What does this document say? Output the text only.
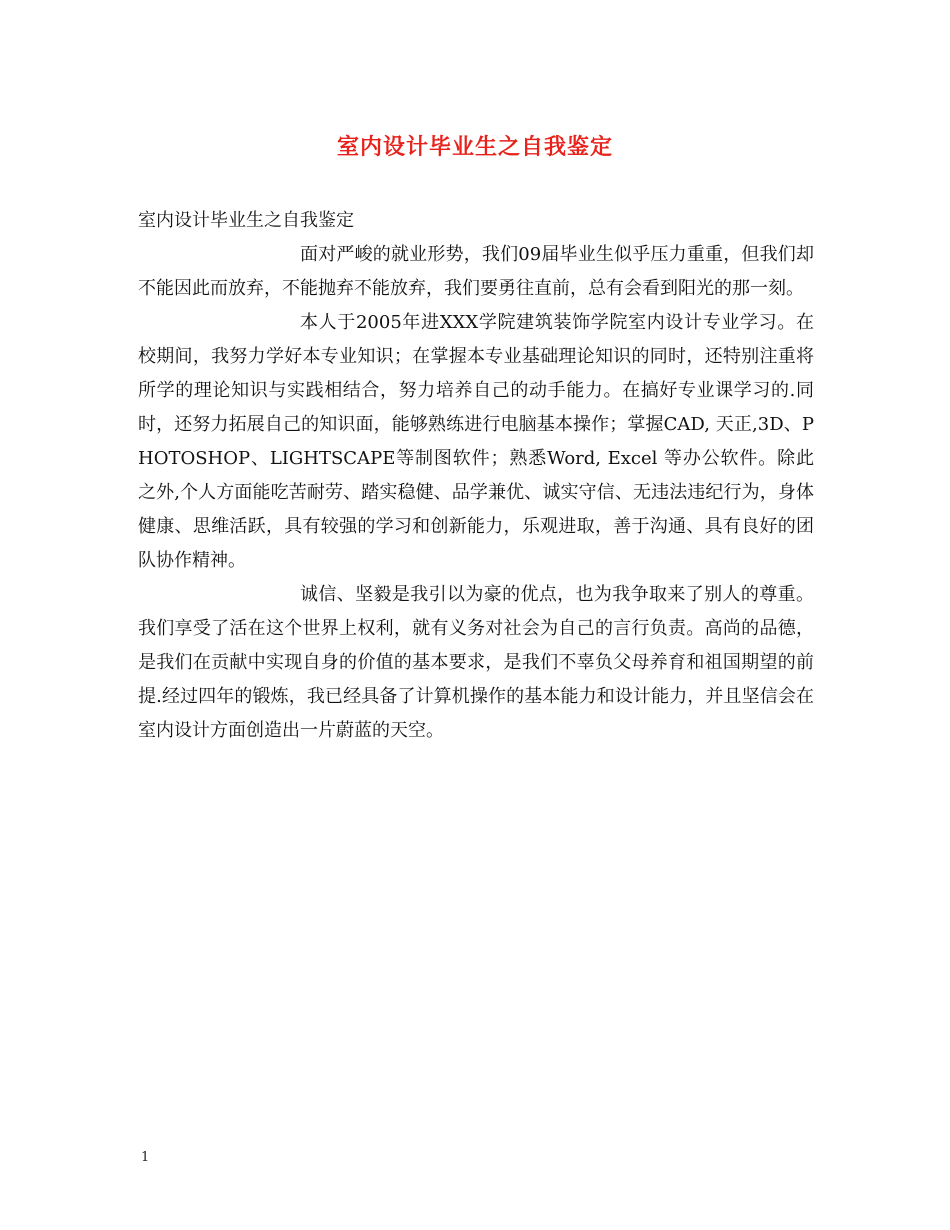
室内设计毕业生之自我鉴定

室内设计毕业生之自我鉴定

面对严峻的就业形势，我们09届毕业生似乎压力重重，但我们却不能因此而放弃，不能抛弃不能放弃，我们要勇往直前，总有会看到阳光的那一刻。

本人于2005年进XXX学院建筑装饰学院室内设计专业学习。在校期间，我努力学好本专业知识；在掌握本专业基础理论知识的同时，还特别注重将所学的理论知识与实践相结合，努力培养自己的动手能力。在搞好专业课学习的.同时，还努力拓展自己的知识面，能够熟练进行电脑基本操作；掌握CAD, 天正,3D、PHOTOSHOP、LIGHTSCAPE等制图软件；熟悉Word, Excel 等办公软件。除此之外,个人方面能吃苦耐劳、踏实稳健、品学兼优、诚实守信、无违法违纪行为，身体健康、思维活跃，具有较强的学习和创新能力，乐观进取，善于沟通、具有良好的团队协作精神。

诚信、坚毅是我引以为豪的优点，也为我争取来了别人的尊重。我们享受了活在这个世界上权利，就有义务对社会为自己的言行负责。高尚的品德，是我们在贡献中实现自身的价值的基本要求，是我们不辜负父母养育和祖国期望的前提.经过四年的锻炼，我已经具备了计算机操作的基本能力和设计能力，并且坚信会在室内设计方面创造出一片蔚蓝的天空。

1
